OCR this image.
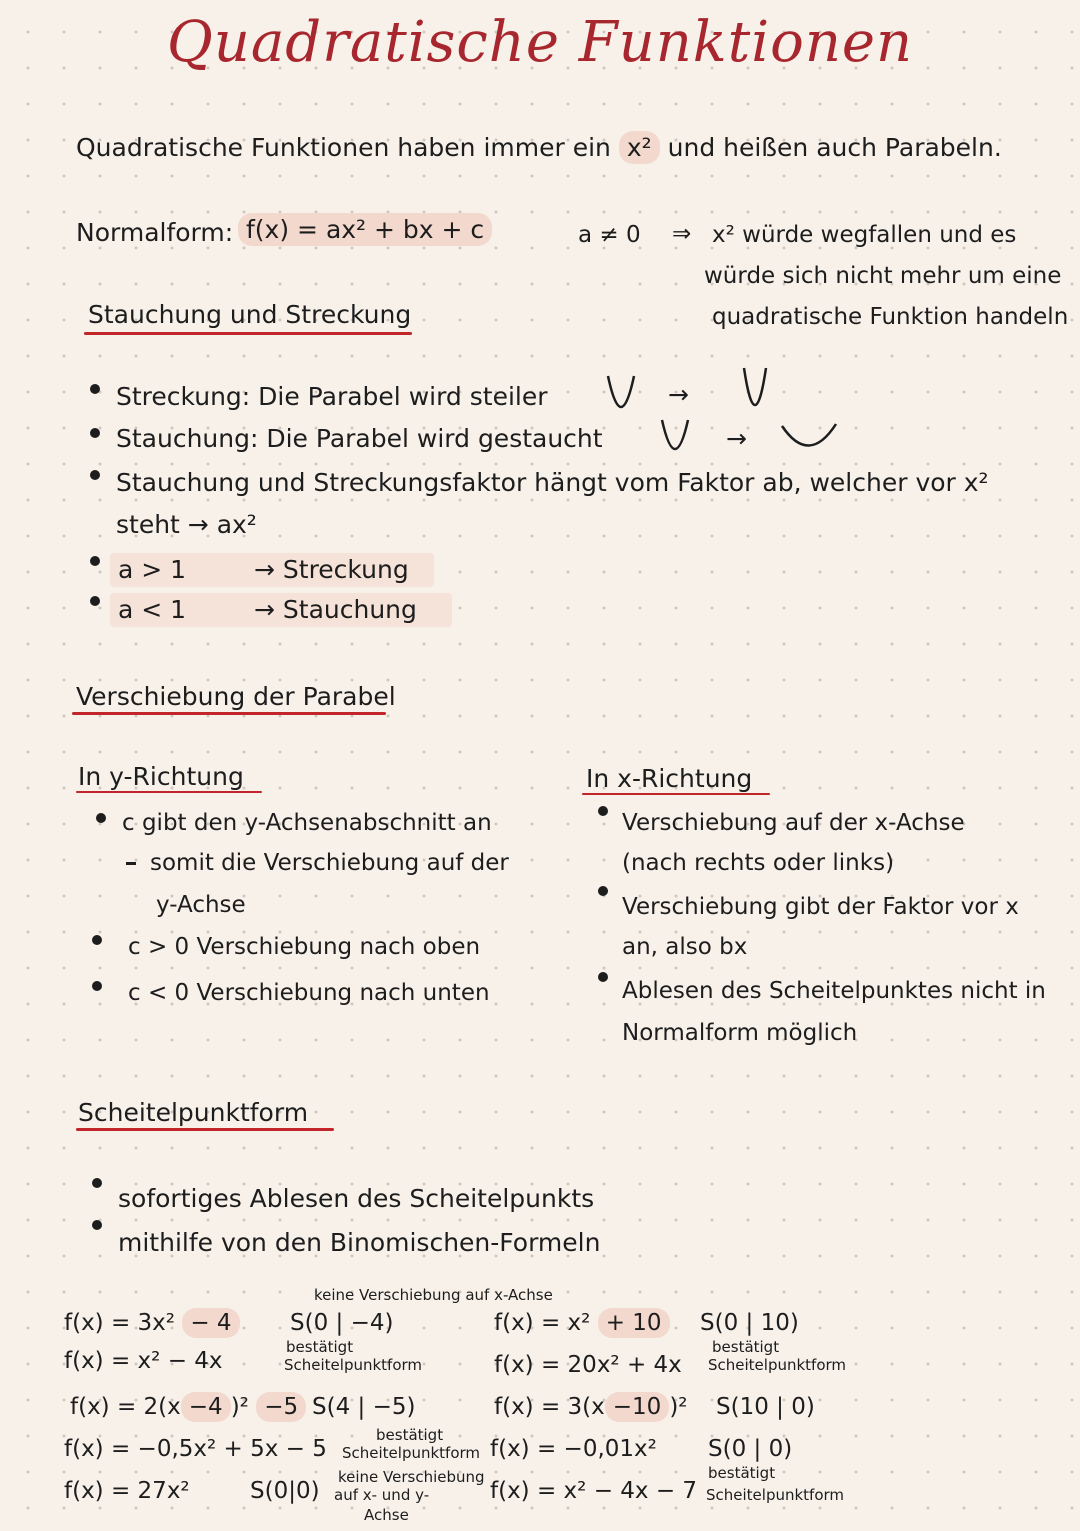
Quadratische Funktionen
Quadratische Funktionen haben immer ein x² und heißen auch Parabeln.
Normalform: f(x) = ax² + bx + c	a ≠ 0 ⇒ x² würde wegfallen und es
würde sich nicht mehr um eine
quadratische Funktion handeln
Stauchung und Streckung
Streckung: Die Parabel wird steiler	→
Stauchung: Die Parabel wird gestaucht	→
Stauchung und Streckungsfaktor hängt vom Faktor ab, welcher vor x²
steht → ax²
a > 1	→ Streckung
a < 1	→ Stauchung
Verschiebung der Parabel
In y-Richtung
c gibt den y-Achsenabschnitt an
somit die Verschiebung auf der
y-Achse
c > 0 Verschiebung nach oben
c < 0 Verschiebung nach unten
In x-Richtung
Verschiebung auf der x-Achse
(nach rechts oder links)
Verschiebung gibt der Faktor vor x
an, also bx
Ablesen des Scheitelpunktes nicht in
Normalform möglich
Scheitelpunktform
sofortiges Ablesen des Scheitelpunkts
mithilfe von den Binomischen-Formeln
keine Verschiebung auf x-Achse
f(x) = 3x² − 4	S(0 | −4)
bestätigt
f(x) = x² − 4x	Scheitelpunktform
f(x) = 2(x −4 )² −5 S(4 | −5)
bestätigt
f(x) = −0,5x² + 5x − 5 Scheitelpunktform
f(x) = 27x²	S(0|0)
keine Verschiebung
auf x- und y-
Achse
f(x) = x² + 10	S(0 | 10)
bestätigt
Scheitelpunktform
f(x) = 20x² + 4x
f(x) = 3(x −10 )² S(10 | 0)
f(x) = −0,01x² S(0 | 0)
bestätigt
f(x) = x² − 4x − 7 Scheitelpunktform
